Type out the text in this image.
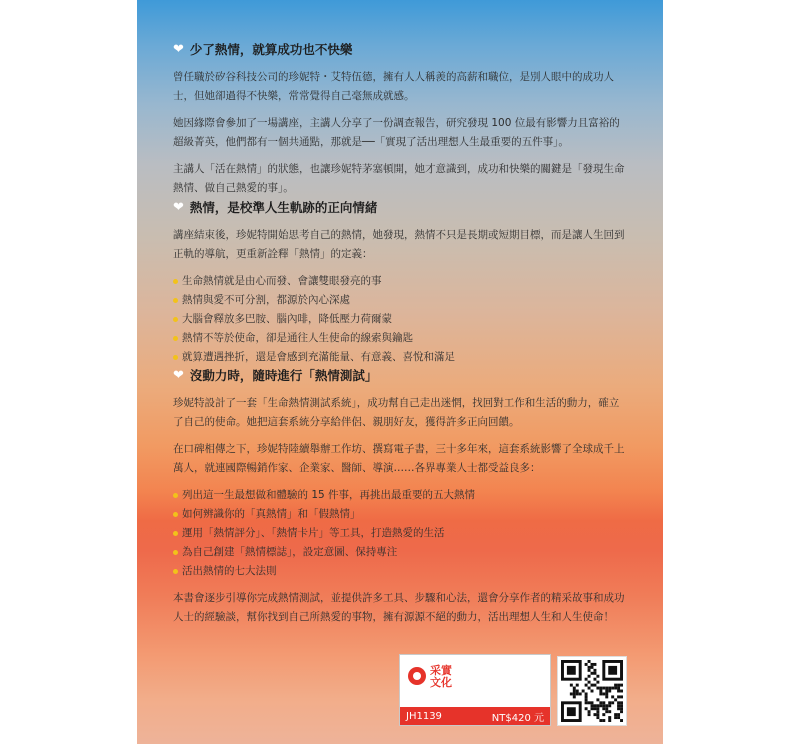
❤ 少了熱情，就算成功也不快樂

曾任職於矽谷科技公司的珍妮特・艾特伍德，擁有人人稱羨的高薪和職位，是別人眼中的成功人士，但她卻過得不快樂，常常覺得自己毫無成就感。

她因緣際會參加了一場講座，主講人分享了一份調查報告，研究發現 100 位最有影響力且富裕的超級菁英，他們都有一個共通點，那就是──「實現了活出理想人生最重要的五件事」。

主講人「活在熱情」的狀態，也讓珍妮特茅塞頓開，她才意識到，成功和快樂的關鍵是「發現生命熱情、做自己熱愛的事」。

❤ 熱情，是校準人生軌跡的正向情緒

講座結束後，珍妮特開始思考自己的熱情，她發現，熱情不只是長期或短期目標，而是讓人生回到正軌的導航，更重新詮釋「熱情」的定義：

生命熱情就是由心而發、會讓雙眼發亮的事
熱情與愛不可分割，都源於內心深處
大腦會釋放多巴胺、腦內啡，降低壓力荷爾蒙
熱情不等於使命，卻是通往人生使命的線索與鑰匙
就算遭遇挫折，還是會感到充滿能量、有意義、喜悅和滿足
❤ 沒動力時，隨時進行「熱情測試」

珍妮特設計了一套「生命熱情測試系統」，成功幫自己走出迷惘，找回對工作和生活的動力，確立了自己的使命。她把這套系統分享給伴侶、親朋好友，獲得許多正向回饋。

在口碑相傳之下，珍妮特陸續舉辦工作坊、撰寫電子書，三十多年來，這套系統影響了全球成千上萬人，就連國際暢銷作家、企業家、醫師、導演……各界專業人士都受益良多：

列出這一生最想做和體驗的 15 件事，再挑出最重要的五大熱情
如何辨識你的「真熱情」和「假熱情」
運用「熱情評分」、「熱情卡片」等工具，打造熱愛的生活
為自己創建「熱情標誌」，設定意圖、保持專注
活出熱情的七大法則

本書會逐步引導你完成熱情測試，並提供許多工具、步驟和心法，還會分享作者的精采故事和成功人士的經驗談，幫你找到自己所熱愛的事物，擁有源源不絕的動力，活出理想人生和人生使命！

采實文化
JH1139	NT$420 元
